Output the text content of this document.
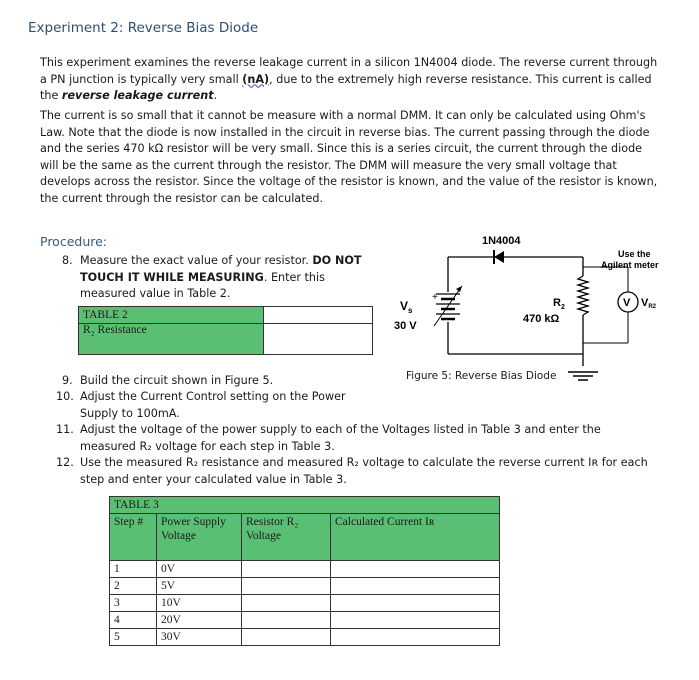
Experiment 2: Reverse Bias Diode

This experiment examines the reverse leakage current in a silicon 1N4004 diode. The reverse current through a PN junction is typically very small (nA), due to the extremely high reverse resistance. This current is called the reverse leakage current.

The current is so small that it cannot be measure with a normal DMM. It can only be calculated using Ohm's Law. Note that the diode is now installed in the circuit in reverse bias. The current passing through the diode and the series 470 kΩ resistor will be very small. Since this is a series circuit, the current through the diode will be the same as the current through the resistor. The DMM will measure the very small voltage that develops across the resistor. Since the voltage of the resistor is known, and the value of the resistor is known, the current through the resistor can be calculated.

Procedure:
8. Measure the exact value of your resistor. DO NOT TOUCH IT WHILE MEASURING. Enter this measured value in Table 2.
TABLE 2	
R₂ Resistance	
1N4004
+
$V_s$
30 V
$R_2$
470 kΩ
V VR2
Use the
Agilent meter
Figure 5: Reverse Bias Diode
9. Build the circuit shown in Figure 5.
10. Adjust the Current Control setting on the Power Supply to 100mA.
11. Adjust the voltage of the power supply to each of the Voltages listed in Table 3 and enter the measured R₂ voltage for each step in Table 3.
12. Use the measured R₂ resistance and measured R₂ voltage to calculate the reverse current Iʀ for each step and enter your calculated value in Table 3.
TABLE 3			
Step #	Power Supply Voltage	Resistor R₂ Voltage	Calculated Current Iʀ
1	0V		
2	5V		
3	10V		
4	20V		
5	30V		
